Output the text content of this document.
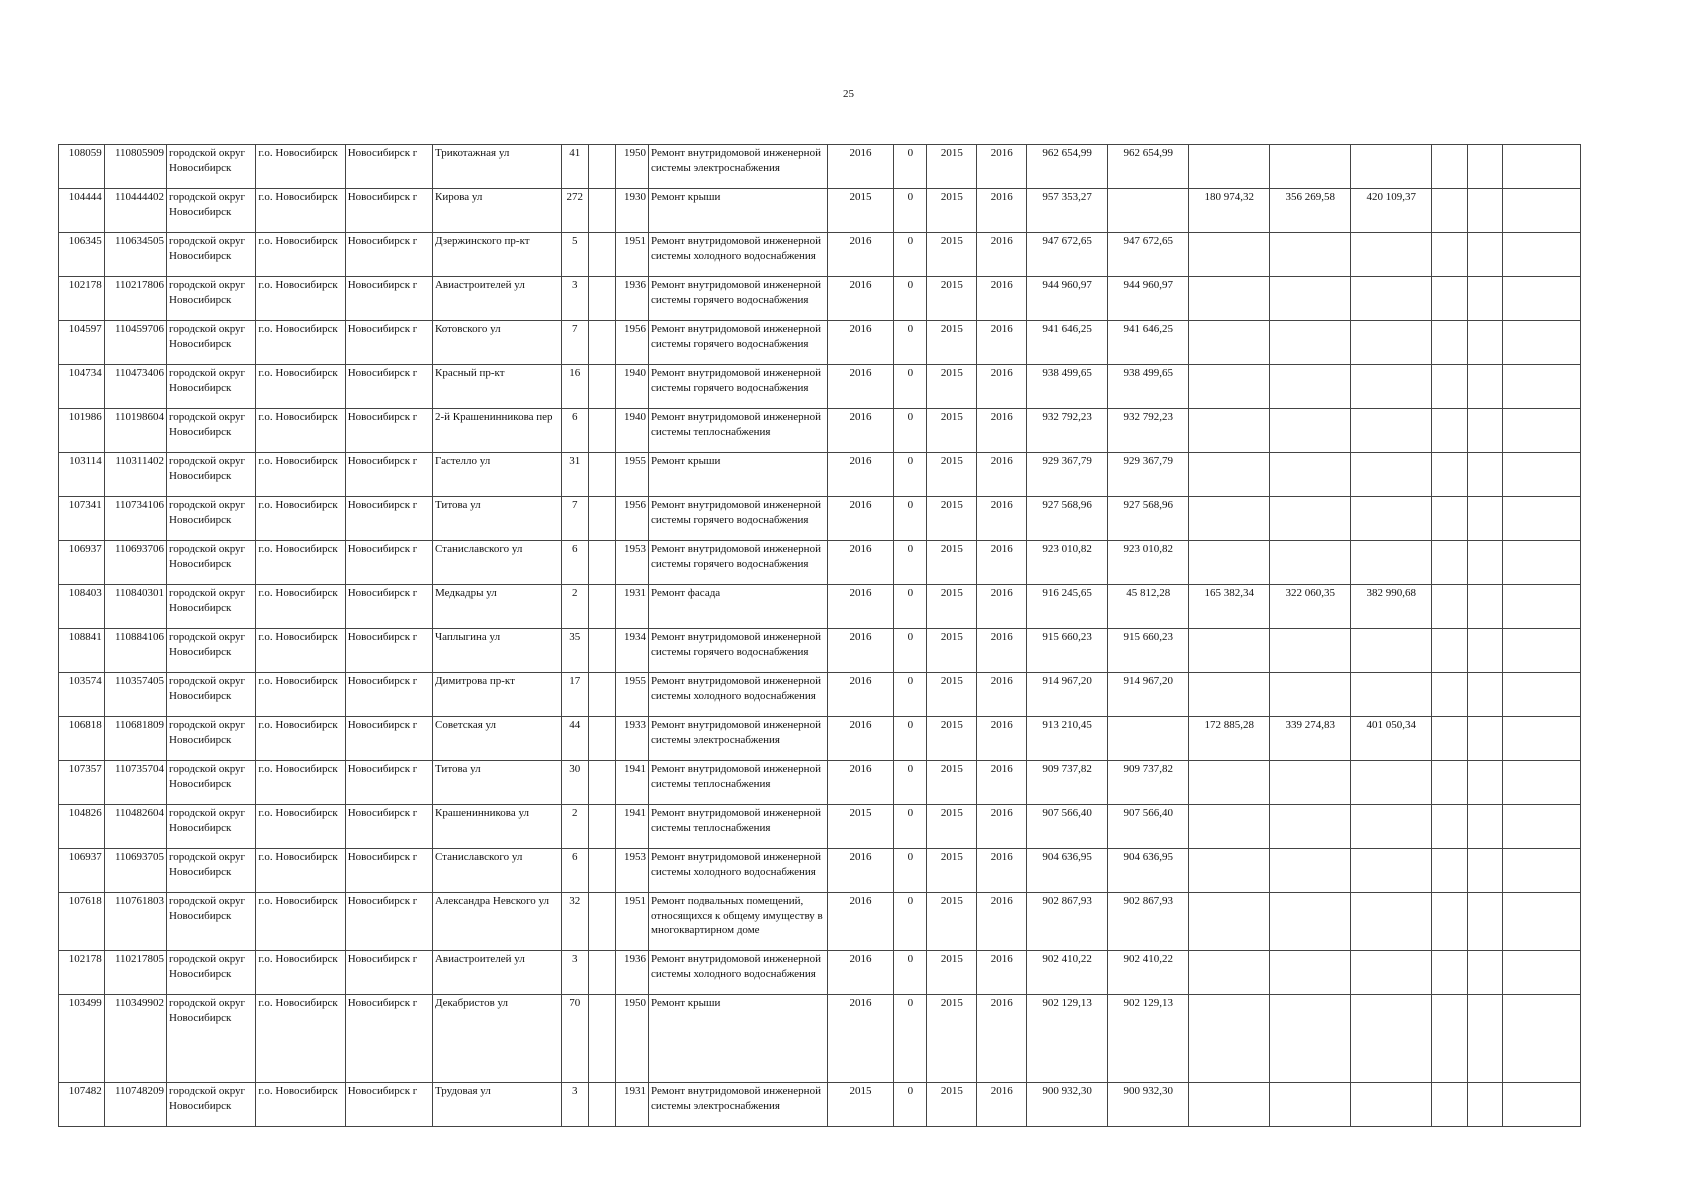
25
108059	110805909	городской округ Новосибирск	г.о. Новосибирск	Новосибирск г	Трикотажная ул	41		1950	Ремонт внутридомовой инженерной системы электроснабжения	2016	0	2015	2016	962 654,99	962 654,99						
104444	110444402	городской округ Новосибирск	г.о. Новосибирск	Новосибирск г	Кирова ул	272		1930	Ремонт крыши	2015	0	2015	2016	957 353,27		180 974,32	356 269,58	420 109,37			
106345	110634505	городской округ Новосибирск	г.о. Новосибирск	Новосибирск г	Дзержинского пр-кт	5		1951	Ремонт внутридомовой инженерной системы холодного водоснабжения	2016	0	2015	2016	947 672,65	947 672,65						
102178	110217806	городской округ Новосибирск	г.о. Новосибирск	Новосибирск г	Авиастроителей ул	3		1936	Ремонт внутридомовой инженерной системы горячего водоснабжения	2016	0	2015	2016	944 960,97	944 960,97						
104597	110459706	городской округ Новосибирск	г.о. Новосибирск	Новосибирск г	Котовского ул	7		1956	Ремонт внутридомовой инженерной системы горячего водоснабжения	2016	0	2015	2016	941 646,25	941 646,25						
104734	110473406	городской округ Новосибирск	г.о. Новосибирск	Новосибирск г	Красный пр-кт	16		1940	Ремонт внутридомовой инженерной системы горячего водоснабжения	2016	0	2015	2016	938 499,65	938 499,65						
101986	110198604	городской округ Новосибирск	г.о. Новосибирск	Новосибирск г	2-й Крашенинникова пер	6		1940	Ремонт внутридомовой инженерной системы теплоснабжения	2016	0	2015	2016	932 792,23	932 792,23						
103114	110311402	городской округ Новосибирск	г.о. Новосибирск	Новосибирск г	Гастелло ул	31		1955	Ремонт крыши	2016	0	2015	2016	929 367,79	929 367,79						
107341	110734106	городской округ Новосибирск	г.о. Новосибирск	Новосибирск г	Титова ул	7		1956	Ремонт внутридомовой инженерной системы горячего водоснабжения	2016	0	2015	2016	927 568,96	927 568,96						
106937	110693706	городской округ Новосибирск	г.о. Новосибирск	Новосибирск г	Станиславского ул	6		1953	Ремонт внутридомовой инженерной системы горячего водоснабжения	2016	0	2015	2016	923 010,82	923 010,82						
108403	110840301	городской округ Новосибирск	г.о. Новосибирск	Новосибирск г	Медкадры ул	2		1931	Ремонт фасада	2016	0	2015	2016	916 245,65	45 812,28	165 382,34	322 060,35	382 990,68			
108841	110884106	городской округ Новосибирск	г.о. Новосибирск	Новосибирск г	Чаплыгина ул	35		1934	Ремонт внутридомовой инженерной системы горячего водоснабжения	2016	0	2015	2016	915 660,23	915 660,23						
103574	110357405	городской округ Новосибирск	г.о. Новосибирск	Новосибирск г	Димитрова пр-кт	17		1955	Ремонт внутридомовой инженерной системы холодного водоснабжения	2016	0	2015	2016	914 967,20	914 967,20						
106818	110681809	городской округ Новосибирск	г.о. Новосибирск	Новосибирск г	Советская ул	44		1933	Ремонт внутридомовой инженерной системы электроснабжения	2016	0	2015	2016	913 210,45		172 885,28	339 274,83	401 050,34			
107357	110735704	городской округ Новосибирск	г.о. Новосибирск	Новосибирск г	Титова ул	30		1941	Ремонт внутридомовой инженерной системы теплоснабжения	2016	0	2015	2016	909 737,82	909 737,82						
104826	110482604	городской округ Новосибирск	г.о. Новосибирск	Новосибирск г	Крашенинникова ул	2		1941	Ремонт внутридомовой инженерной системы теплоснабжения	2015	0	2015	2016	907 566,40	907 566,40						
106937	110693705	городской округ Новосибирск	г.о. Новосибирск	Новосибирск г	Станиславского ул	6		1953	Ремонт внутридомовой инженерной системы холодного водоснабжения	2016	0	2015	2016	904 636,95	904 636,95						
107618	110761803	городской округ Новосибирск	г.о. Новосибирск	Новосибирск г	Александра Невского ул	32		1951	Ремонт подвальных помещений, относящихся к общему имуществу в многоквартирном доме	2016	0	2015	2016	902 867,93	902 867,93						
102178	110217805	городской округ Новосибирск	г.о. Новосибирск	Новосибирск г	Авиастроителей ул	3		1936	Ремонт внутридомовой инженерной системы холодного водоснабжения	2016	0	2015	2016	902 410,22	902 410,22						
103499	110349902	городской округ Новосибирск	г.о. Новосибирск	Новосибирск г	Декабристов ул	70		1950	Ремонт крыши	2016	0	2015	2016	902 129,13	902 129,13						
107482	110748209	городской округ Новосибирск	г.о. Новосибирск	Новосибирск г	Трудовая ул	3		1931	Ремонт внутридомовой инженерной системы электроснабжения	2015	0	2015	2016	900 932,30	900 932,30						
